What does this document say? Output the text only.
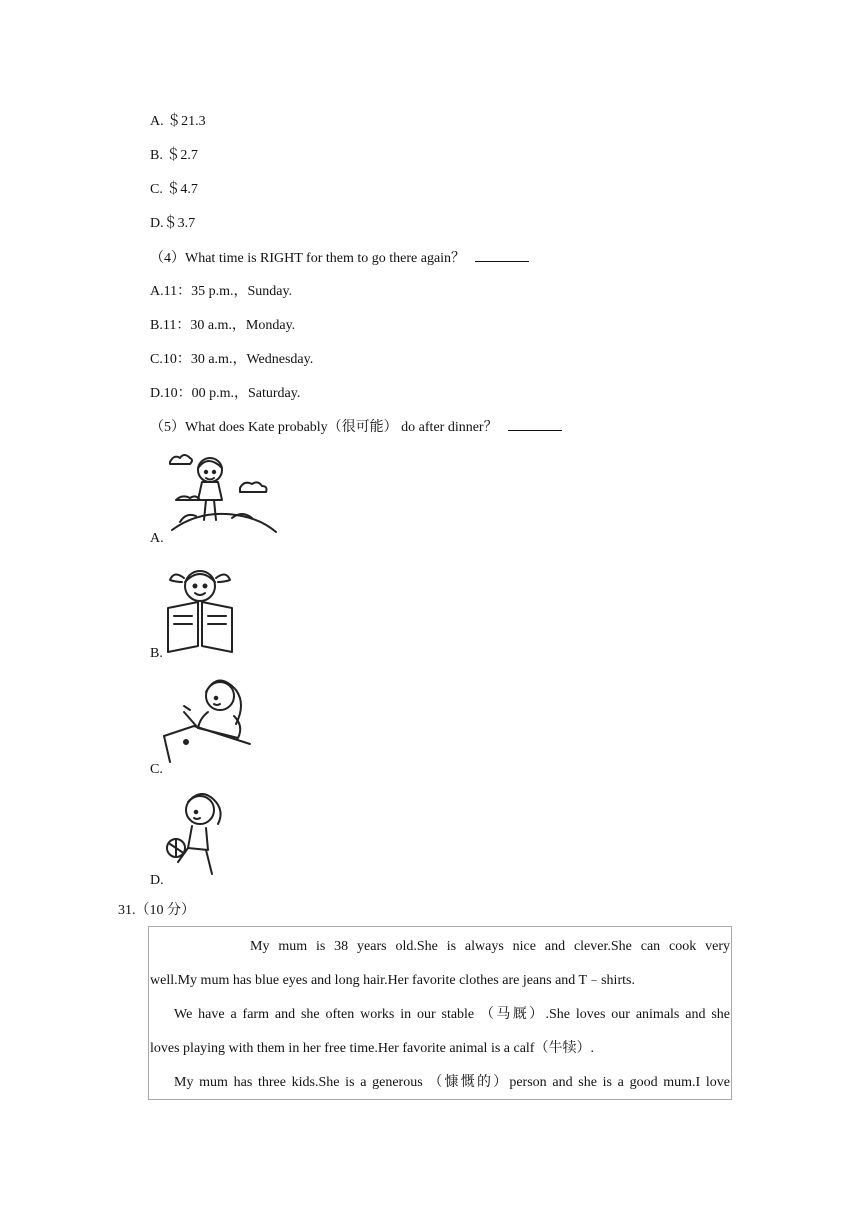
A. ＄21.3
B. ＄2.7
C. ＄4.7
D.＄3.7
（4）What time is RIGHT for them to go there again？
A.11：35 p.m.，Sunday.
B.11：30 a.m.，Monday.
C.10：30 a.m.，Wednesday.
D.10：00 p.m.，Saturday.
（5）What does Kate probably（很可能） do after dinner？
A.
B.
C.
D.
31.（10 分）
My mum is 38 years old.She is always nice and clever.She can cook very
well.My mum has blue eyes and long hair.Her favorite clothes are jeans and T﹣shirts.
We have a farm and she often works in our stable （马厩）.She loves our animals and she
loves playing with them in her free time.Her favorite animal is a calf（牛犊）.
My mum has three kids.She is a generous （慷慨的）person and she is a good mum.I love
